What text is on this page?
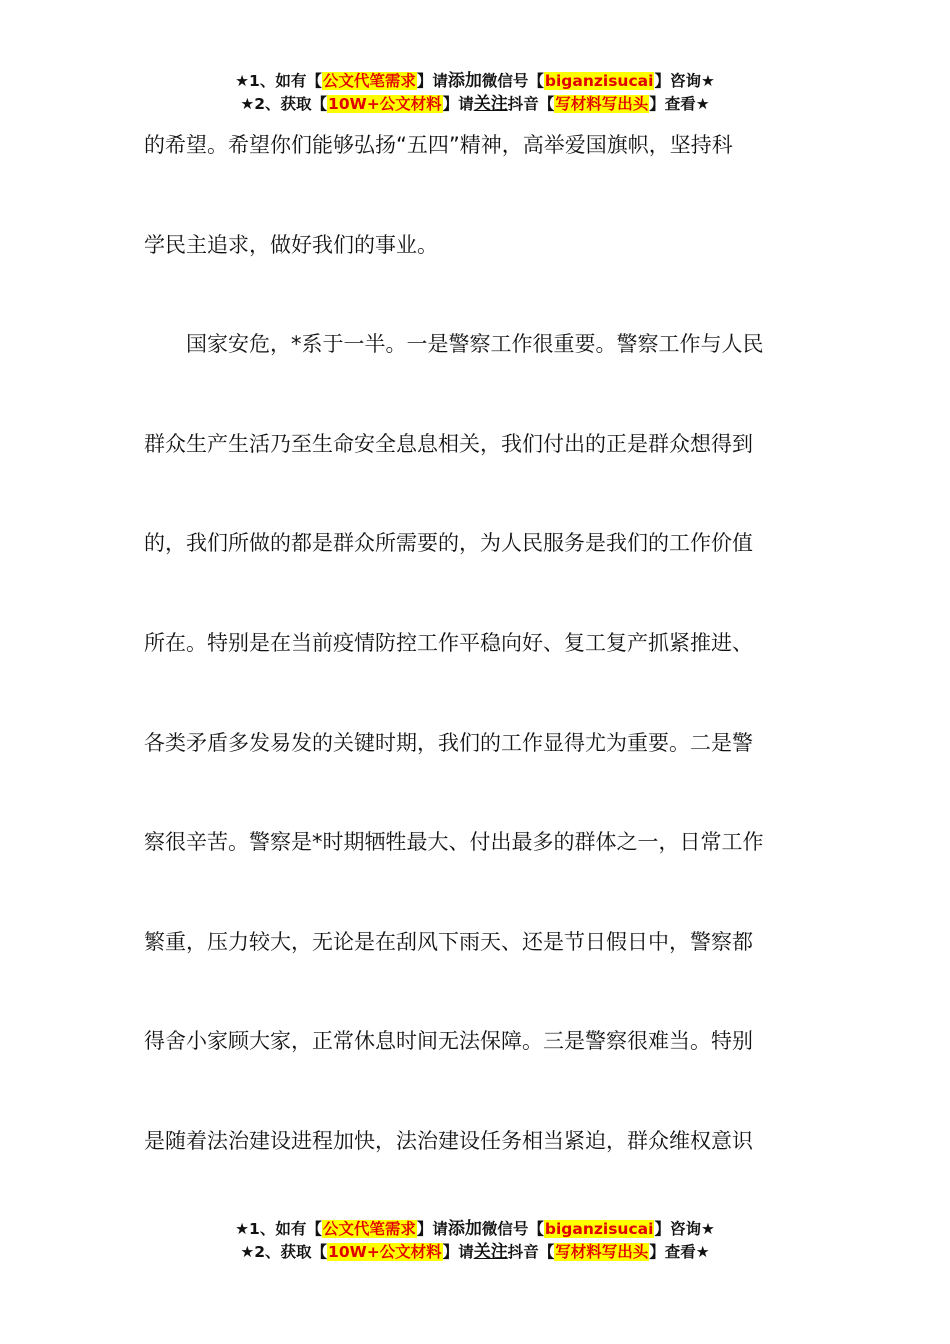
★1、如有【公文代笔需求】请添加微信号【biganzisucai】咨询★
★2、获取【10W+公文材料】请关注抖音【写材料写出头】查看★
的希望。希望你们能够弘扬“五四”精神，高举爱国旗帜，坚持科
学民主追求，做好我们的事业。
　　国家安危，*系于一半。一是警察工作很重要。警察工作与人民
群众生产生活乃至生命安全息息相关，我们付出的正是群众想得到
的，我们所做的都是群众所需要的，为人民服务是我们的工作价值
所在。特别是在当前疫情防控工作平稳向好、复工复产抓紧推进、
各类矛盾多发易发的关键时期，我们的工作显得尤为重要。二是警
察很辛苦。警察是*时期牺牲最大、付出最多的群体之一，日常工作
繁重，压力较大，无论是在刮风下雨天、还是节日假日中，警察都
得舍小家顾大家，正常休息时间无法保障。三是警察很难当。特别
是随着法治建设进程加快，法治建设任务相当紧迫，群众维权意识
★1、如有【公文代笔需求】请添加微信号【biganzisucai】咨询★
★2、获取【10W+公文材料】请关注抖音【写材料写出头】查看★
